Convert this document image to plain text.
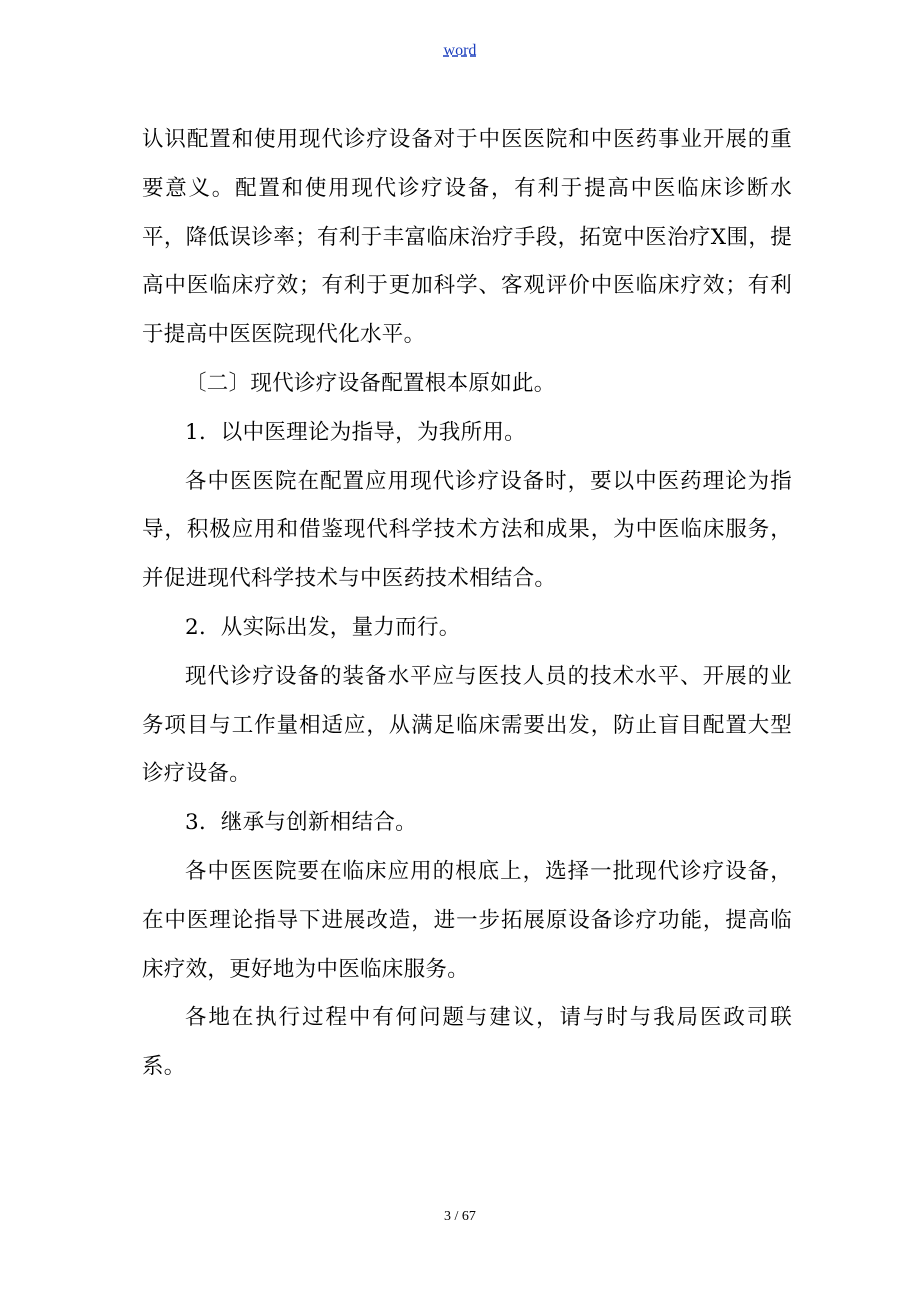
word

认识配置和使用现代诊疗设备对于中医医院和中医药事业开展的重要意义。配置和使用现代诊疗设备，有利于提高中医临床诊断水平，降低误诊率；有利于丰富临床治疗手段，拓宽中医治疗X围，提高中医临床疗效；有利于更加科学、客观评价中医临床疗效；有利于提高中医医院现代化水平。

〔二〕现代诊疗设备配置根本原如此。

1．以中医理论为指导，为我所用。

各中医医院在配置应用现代诊疗设备时，要以中医药理论为指导，积极应用和借鉴现代科学技术方法和成果，为中医临床服务，并促进现代科学技术与中医药技术相结合。

2．从实际出发，量力而行。

现代诊疗设备的装备水平应与医技人员的技术水平、开展的业务项目与工作量相适应，从满足临床需要出发，防止盲目配置大型诊疗设备。

3．继承与创新相结合。

各中医医院要在临床应用的根底上，选择一批现代诊疗设备，在中医理论指导下进展改造，进一步拓展原设备诊疗功能，提高临床疗效，更好地为中医临床服务。

各地在执行过程中有何问题与建议，请与时与我局医政司联系。

3 / 67
